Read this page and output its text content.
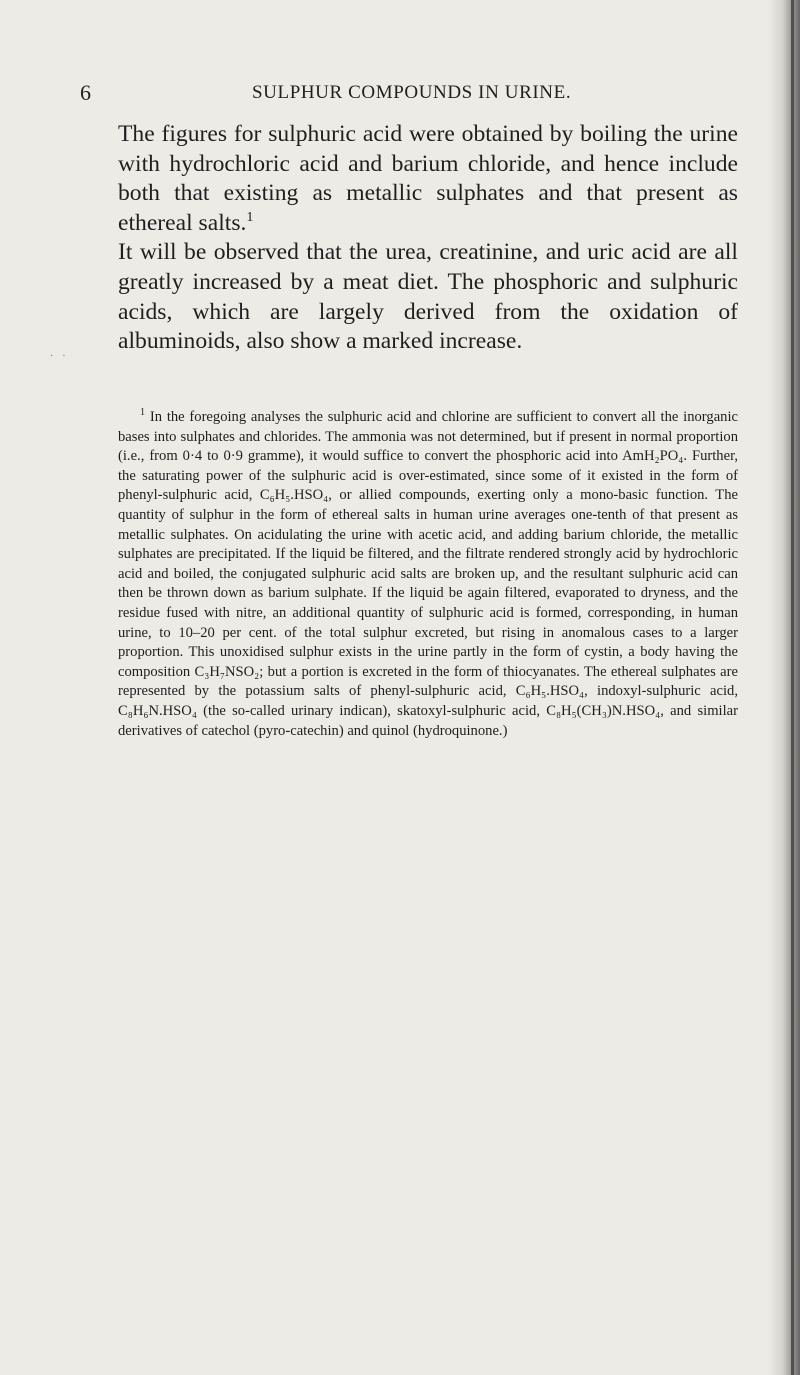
6	SULPHUR COMPOUNDS IN URINE.
· ·

The figures for sulphuric acid were obtained by boiling the urine with hydrochloric acid and barium chloride, and hence include both that existing as metallic sulphates and that present as ethereal salts.$^1$

It will be observed that the urea, creatinine, and uric acid are all greatly increased by a meat diet. The phosphoric and sulphuric acids, which are largely derived from the oxidation of albuminoids, also show a marked increase.

$^1$ In the foregoing analyses the sulphuric acid and chlorine are sufficient to convert all the inorganic bases into sulphates and chlorides. The ammonia was not determined, but if present in normal proportion (i.e., from 0·4 to 0·9 gramme), it would suffice to convert the phosphoric acid into AmH₂PO₄. Further, the saturating power of the sulphuric acid is over-estimated, since some of it existed in the form of phenyl-sulphuric acid, C₆H₅.HSO₄, or allied compounds, exerting only a mono-basic function. The quantity of sulphur in the form of ethereal salts in human urine averages one-tenth of that present as metallic sulphates. On acidulating the urine with acetic acid, and adding barium chloride, the metallic sulphates are precipitated. If the liquid be filtered, and the filtrate rendered strongly acid by hydrochloric acid and boiled, the conjugated sulphuric acid salts are broken up, and the resultant sulphuric acid can then be thrown down as barium sulphate. If the liquid be again filtered, evaporated to dryness, and the residue fused with nitre, an additional quantity of sulphuric acid is formed, corresponding, in human urine, to 10–20 per cent. of the total sulphur excreted, but rising in anomalous cases to a larger proportion. This unoxidised sulphur exists in the urine partly in the form of cystin, a body having the composition C₃H₇NSO₂; but a portion is excreted in the form of thiocyanates. The ethereal sulphates are represented by the potassium salts of phenyl-sulphuric acid, C₆H₅.HSO₄, indoxyl-sulphuric acid, C₈H₆N.HSO₄ (the so-called urinary indican), skatoxyl-sulphuric acid, C₈H₅(CH₃)N.HSO₄, and similar derivatives of catechol (pyro-catechin) and quinol (hydroquinone.)
